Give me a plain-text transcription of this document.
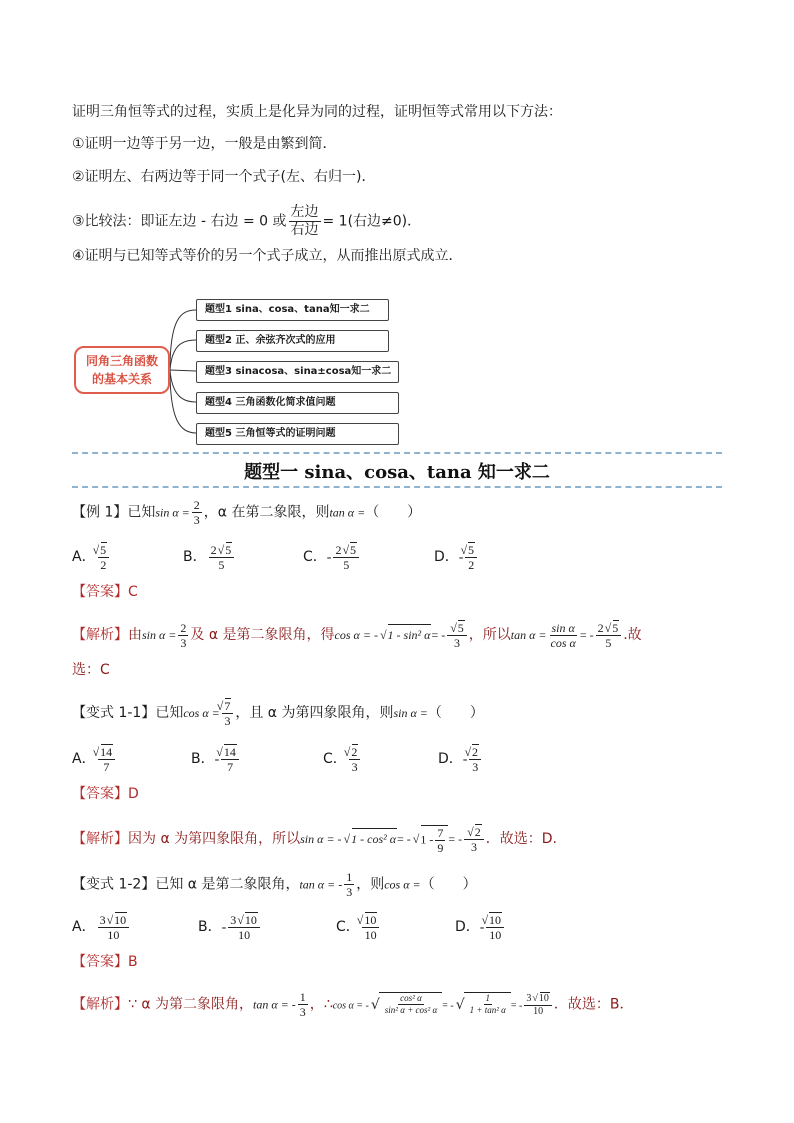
证明三角恒等式的过程，实质上是化异为同的过程，证明恒等式常用以下方法：
①证明一边等于另一边，一般是由繁到简．
②证明左、右两边等于同一个式子(左、右归一)．
③比较法：即证左边 - 右边 = 0 或 $\frac{\text{左边}}{\text{右边}} = 1$(右边≠0)．
④证明与已知等式等价的另一个式子成立，从而推出原式成立．
同角三角函数
的基本关系
题型1 sina、cosa、tana知一求二
题型2 正、余弦齐次式的应用
题型3 sinacosa、sina±cosa知一求二
题型4 三角函数化简求值问题
题型5 三角恒等式的证明问题
题型一 sina、cosa、tana 知一求二
【例 1】已知$\sin \alpha = \frac{2}{3}$ ，α 在第二象限，则tan α =（　　）
A． √ $\frac{5}{2}$	B． $\frac{2 √ 5}{5}$	C．- $\frac{2 √ 5}{5}$	D．- √ $\frac{5}{2}$
【答案】C
【解析】由$\sin \alpha = \frac{2}{3}$ 及 α 是第二象限角，得cos α = - √ 1 - sin² α= - √ $\frac{5}{3}$ ，所以$\tan \alpha = \frac{\text{sin α}}{\text{cos α}}$ = - $\frac{2 √ 5}{5}$ .故
选：C
【变式 1-1】已知cos α = √ $\frac{7}{3}$ ，且 α 为第四象限角，则sin α =（　　）
A． √ $\frac{14}{7}$	B．- √ $\frac{14}{7}$	C． √ $\frac{2}{3}$	D．- √ $\frac{2}{3}$
【答案】D
【解析】因为 α 为第四象限角，所以sin α = - √ 1 - cos² α= - √ $1 - \frac{7}{9}$ = - √ $\frac{2}{3}$ ．故选：D.
【变式 1-2】已知 α 是第二象限角，tan α = - $\frac{1}{3}$ ，则cos α =（　　）
A． $\frac{3 √ 10}{10}$	B．- $\frac{3 √ 10}{10}$	C． √ $\frac{10}{10}$	D．- √ $\frac{10}{10}$
【答案】B
【解析】∵ α 为第二象限角，tan α = - $\frac{1}{3}$ ，∴cos α = - √ $\frac{\text{cos² α}}{\text{sin² α + cos² α}}$ = - √ $\frac{1}{\text{1 + tan² α}}$ = - $\frac{3 √ 10}{10}$ ．故选：B．
